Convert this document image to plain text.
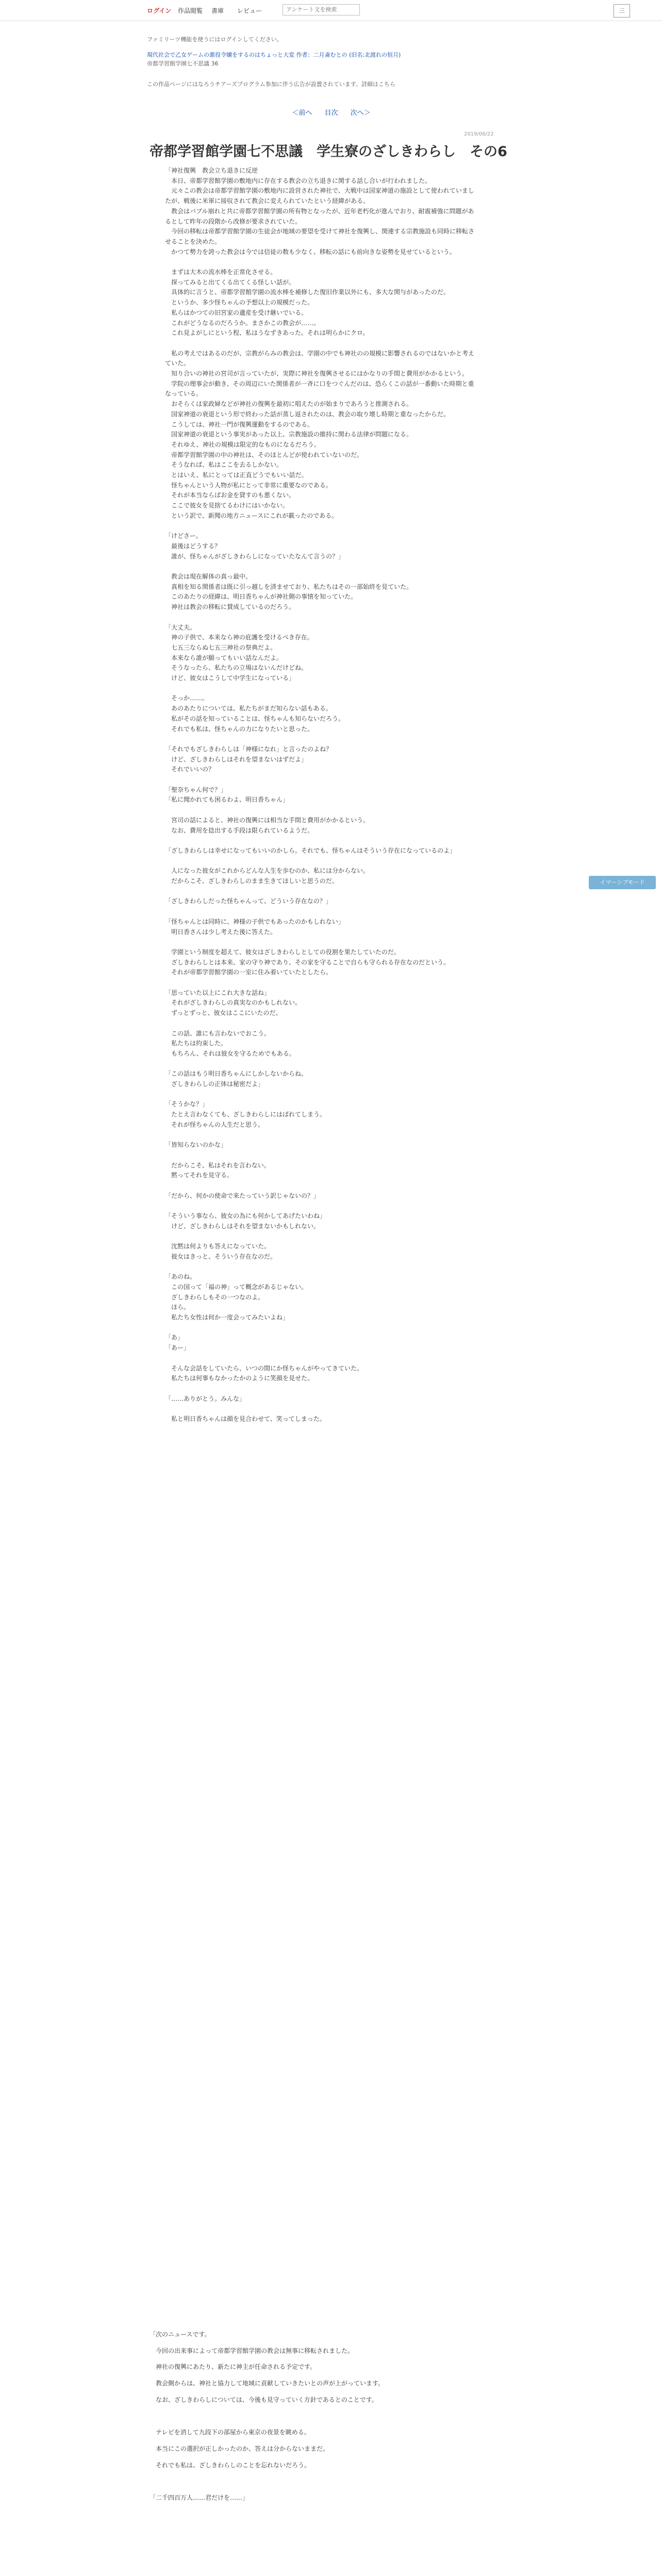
ログイン 作品閲覧 書庫 レビュー
アンケート文を検索	三
ファミリーツ機能を使うにはログインしてください。
現代社会で乙女ゲームの悪役令嬢をするのはちょっと大変 作者：二月斎むとの (旧名:北渡れの恒月)
帝都学習館学園七不思議 36
この作品ページにはなろうチアーズプログラム参加に伴う広告が設置されています。詳細はこちら
＜前へ 目次 次へ＞
2019/06/22
帝都学習館学園七不思議　学生寮のざしきわらし　その6

「神社復興　教会立ち退きに反逆

　本日、帝都学習館学園の敷地内に存在する教会の立ち退きに関する話し合いが行われました。

　元々この教会は帝都学習館学園の敷地内に設営された神社で、大戦中は国家神道の施設として使われていましたが、戦後に米軍に接収されて教会に変えられていたという経緯がある。

　教会はパブル崩れと共に帝都学習館学園の所有物となったが、近年老朽化が進んでおり、耐震補強に問題があるとして昨年の段階から改修が要求されていた。

　今回の移転は帝都学習館学園の生徒会が地域の要望を受けて神社を復興し、関連する宗教施設も同時に移転させることを決めた。

　かつて勢力を誇った教会は今では信徒の数も少なく、移転の話にも前向きな姿勢を見せているという。

　まずは大木の流水棒を正常化させる。

　探ってみると出てくる出てくる怪しい話が。

　具体的に言うと、帝都学習館学園の流水棒を補修した復旧作業以外にも、多大な関与があったのだ。

　というか、多少怪ちゃんの予想以上の規模だった。

　私らはかつての旧宮家の遺産を受け継いでいる。

　これがどうなるのだろうか。まさかこの教会が……。

　これ見よがしにという程、私はうなずきあった。それは明らかにクロ。

　私の考えではあるのだが、宗教がらみの教会は、学園の中でも神社のの規模に影響されるのではないかと考えていた。

　知り合いの神社の宮司が言っていたが、実際に神社を復興させるにはかなりの手間と費用がかかるという。

　学院の理事会が動き、その周辺にいた関係者が一斉に口をつぐんだのは、恐らくこの話が一番動いた時期と重なっている。

　おそらくは家政婦などが神社の復興を最初に唱えたのが始まりであろうと推測される。

　国家神道の衰退という形で終わった話が蒸し返されたのは、教会の取り壊し時期と重なったからだ。

　こうしては、神社一門が復興運動をするのである。

　国家神道の衰退という事実があった以上、宗教施設の維持に関わる法律が問題になる。

　それゆえ、神社の規模は限定的なものになるだろう。

　帝都学習館学園の中の神社は、そのほとんどが使われていないのだ。

　そうなれば、私はここを去るしかない。

　とはいえ、私にとっては正直どうでもいい話だ。

　怪ちゃんという人物が私にとって非常に重要なのである。

　それが本当ならばお金を貸すのも悪くない。

　ここで彼女を見捨てるわけにはいかない。

　という訳で、新聞の地方ニュースにこれが載ったのである。

「けどさー。

　最後はどうする？

　誰が、怪ちゃんがざしきわらしになっていたなんて言うの？」

　教会は現在解体の真っ最中。

　真相を知る関係者は既に引っ越しを済ませており、私たちはその一部始終を見ていた。

　このあたりの経緯は、明日香ちゃんが神社側の事情を知っていた。

　神社は教会の移転に賛成しているのだろう。

「大丈夫。

　神の子供で、本来なら神の庇護を受けるべき存在。

　七五三ならぬ七五三神社の祭典だよ。

　本来なら誰が願ってもいい話なんだよ。

　そうなったら、私たちの立場はないんだけどね。

　けど、彼女はこうして中学生になっている」

　そっか……。

　あのあたりについては、私たちがまだ知らない話もある。

　私がその話を知っていることは、怪ちゃんも知らないだろう。

　それでも私は、怪ちゃんの力になりたいと思った。

「それでもざしきわらしは「神様になれ」と言ったのよね？

　けど、ざしきわらしはそれを望まないはずだよ」

　それでいいの？

「聖奈ちゃん何で？」

「私に聞かれても困るわよ、明日香ちゃん」

　宮司の話によると、神社の復興には相当な手間と費用がかかるという。

　なお、費用を捻出する手段は限られているようだ。

「ざしきわらしは幸せになってもいいのかしら。それでも、怪ちゃんはそういう存在になっているのよ」

　人になった彼女がこれからどんな人生を歩むのか、私には分からない。

　だからこそ、ざしきわらしのまま生きてほしいと思うのだ。

「ざしきわらしだった怪ちゃんって、どういう存在なの？」

「怪ちゃんとは同時に、神様の子供でもあったのかもしれない」

　明日香さんは少し考えた後に答えた。

　学園という制度を超えて、彼女はざしきわらしとしての役割を果たしていたのだ。

　ざしきわらしとは本来、家の守り神であり、その家を守ることで自らも守られる存在なのだという。

　それが帝都学習館学園の一室に住み着いていたとしたら。

「思っていた以上にこれ大きな話ね」

　それがざしきわらしの真実なのかもしれない。

　ずっとずっと、彼女はここにいたのだ。

　この話、誰にも言わないでおこう。

　私たちは約束した。

　もちろん、それは彼女を守るためでもある。

「この話はもう明日香ちゃんにしかしないからね。

　ざしきわらしの正体は秘密だよ」

「そうかな？」

　たとえ言わなくても、ざしきわらしにはばれてしまう。

　それが怪ちゃんの人生だと思う。

「皆知らないのかな」

　だからこそ、私はそれを言わない。

　黙ってそれを見守る。

「だから、何かの使命で来たっていう訳じゃないの？」

「そういう事なら、彼女の為にも何かしてあげたいわね」

　けど、ざしきわらしはそれを望まないかもしれない。

　沈黙は何よりも答えになっていた。

　彼女はきっと、そういう存在なのだ。

「あのね。

　この国って「福の神」って概念があるじゃない。

　ざしきわらしもその一つなのよ。

　ほら。

　私たち女性は何か一度会ってみたいよね」

「あ」

「あー」

　そんな会話をしていたら、いつの間にか怪ちゃんがやってきていた。

　私たちは何事もなかったかのように笑顔を見せた。

「……ありがとう。みんな」

　私と明日香ちゃんは顔を見合わせて、笑ってしまった。

イマーシブモード

「次のニュースです。

　今回の出来事によって帝都学習館学園の教会は無事に移転されました。

　神社の復興にあたり、新たに神主が任命される予定です。

　教会側からは、神社と協力して地域に貢献していきたいとの声が上がっています。

　なお、ざしきわらしについては、今後も見守っていく方針であるとのことです。

　テレビを消して九段下の部屋から東京の夜景を眺める。

　本当にこの選択が正しかったのか、答えは分からないままだ。

　それでも私は、ざしきわらしのことを忘れないだろう。

「二千四百万人……君だけを……」
